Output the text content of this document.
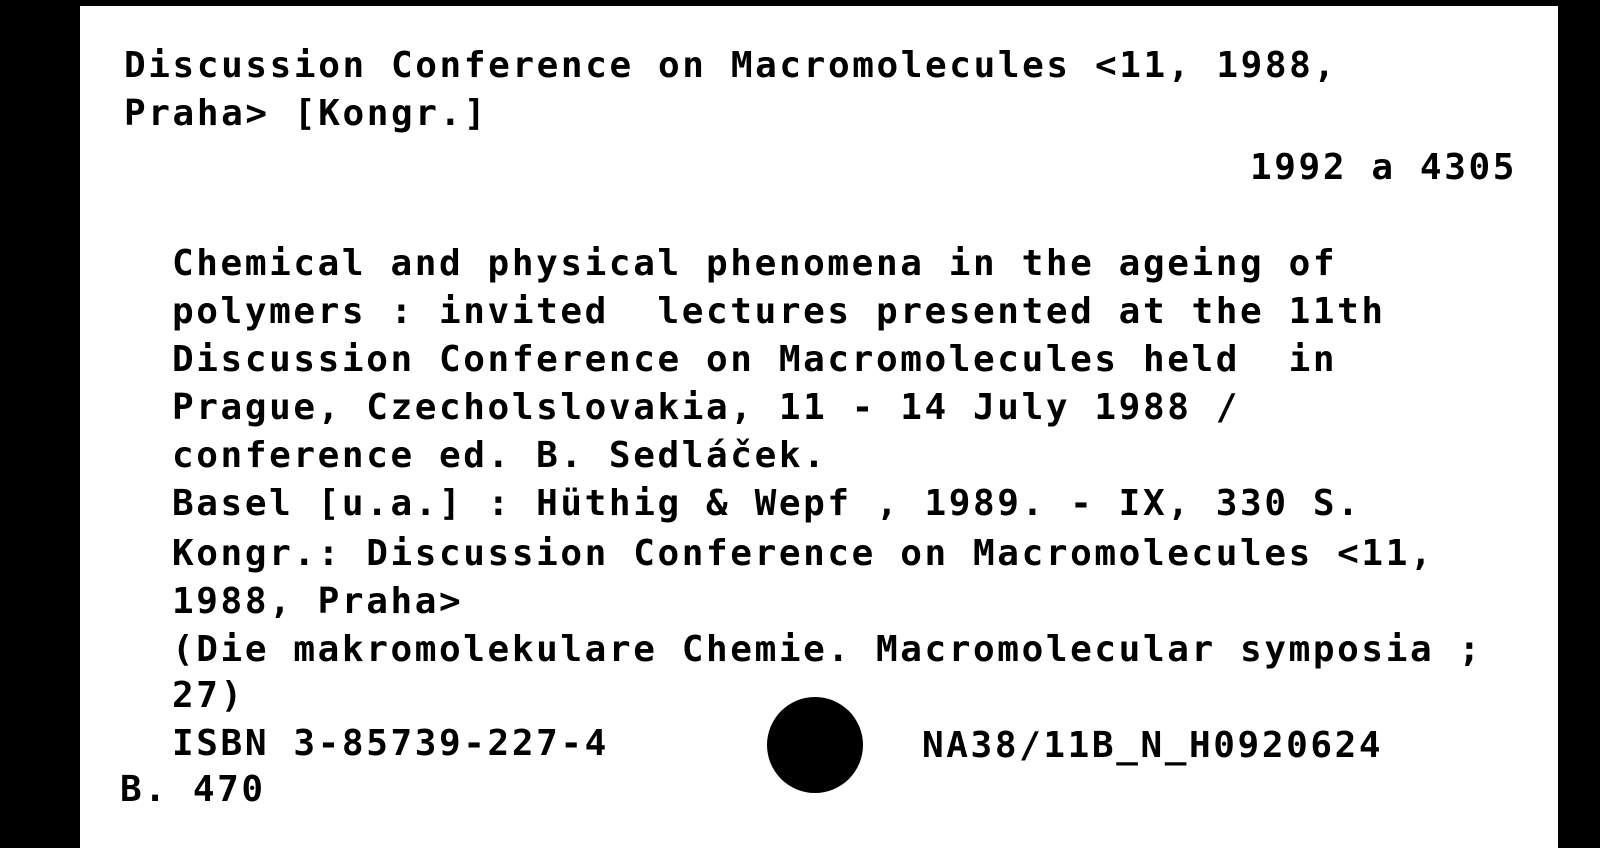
Discussion Conference on Macromolecules <11, 1988,

Praha> [Kongr.]

1992 a 4305

Chemical and physical phenomena in the ageing of

polymers : invited  lectures presented at the 11th

Discussion Conference on Macromolecules held  in

Prague, Czecholslovakia, 11 - 14 July 1988 /

conference ed. B. Sedláček.

Basel [u.a.] : Hüthig & Wepf , 1989. - IX, 330 S.

Kongr.: Discussion Conference on Macromolecules <11,

1988, Praha>

(Die makromolekulare Chemie. Macromolecular symposia ;

27)

ISBN 3-85739-227-4	NA38/11B_N_H0920624

B. 470
